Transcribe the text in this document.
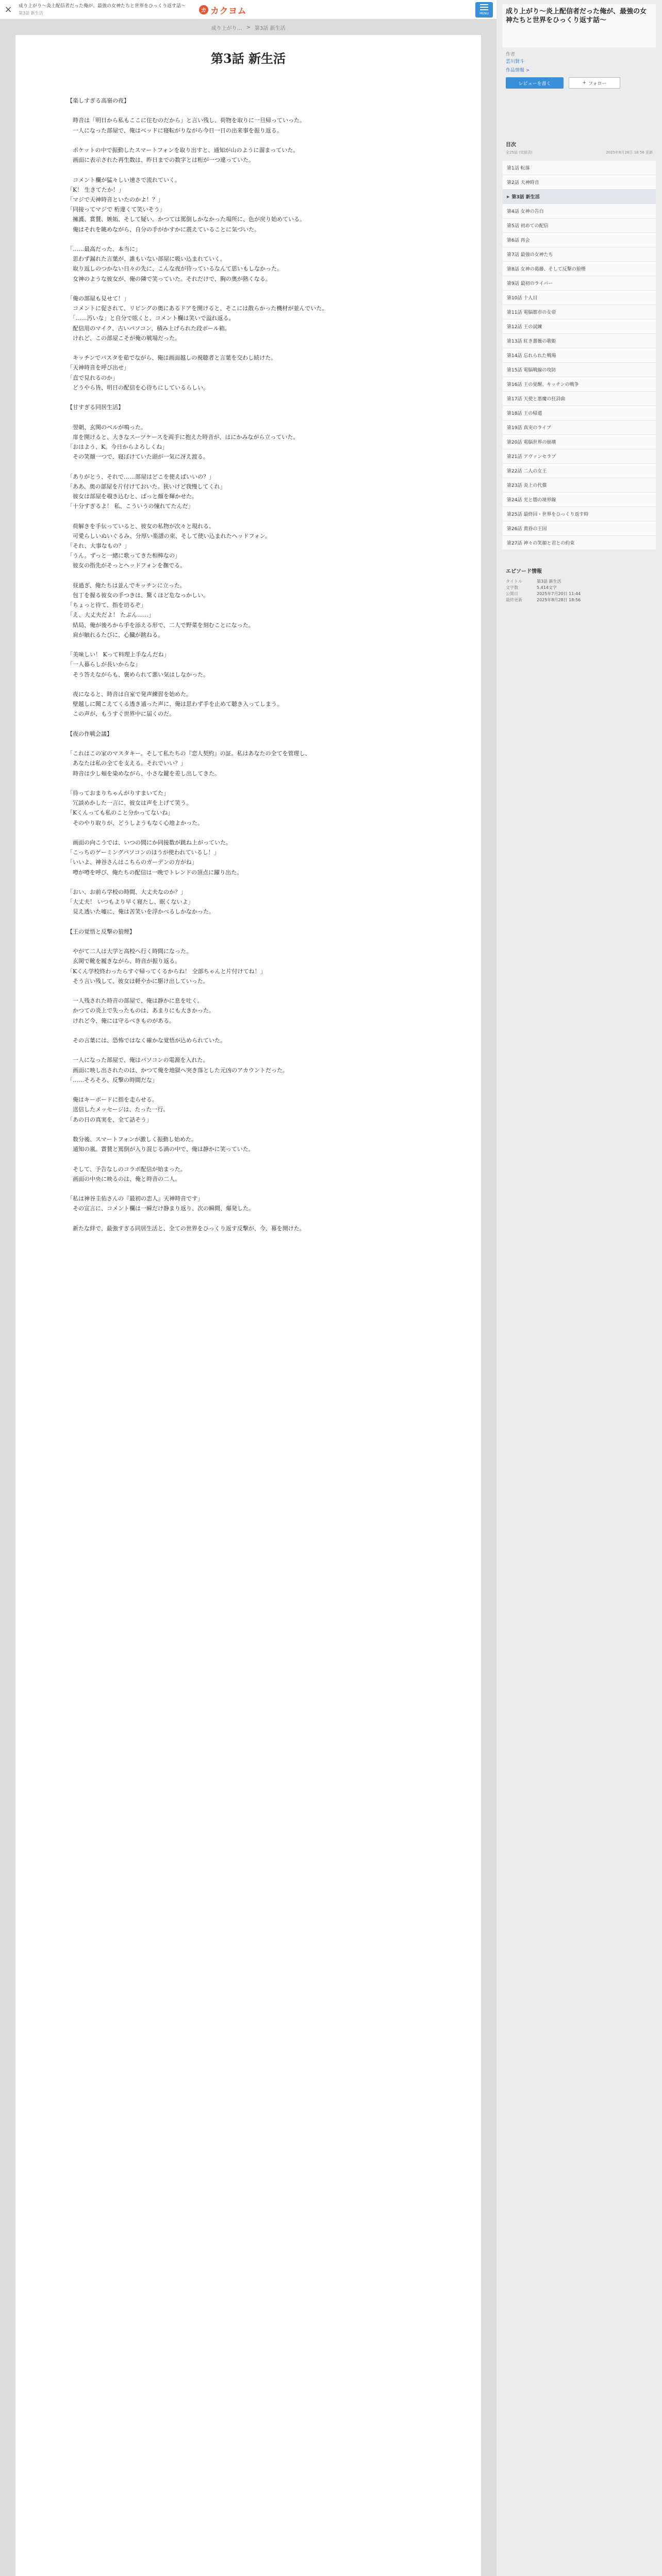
× 成り上がり〜炎上配信者だった俺が、最強の女神たちと世界をひっくり返す話〜
第3話 新生活	カ カクヨム	MENU
成り上がり… > 第3話 新生活
第3話 新生活

【楽しすぎる高嶺の夜】

　時音は「明日から私もここに住むのだから」と言い残し、荷物を取りに一旦帰っていった。

　一人になった部屋で、俺はベッドに寝転がりながら今日一日の出来事を振り返る。

　ポケットの中で振動したスマートフォンを取り出すと、通知が山のように溜まっていた。

　画面に表示された再生数は、昨日までの数字とは桁が一つ違っていた。

　コメント欄が猛々しい速さで流れていく。

「K！ 生きてたか！」

「マジで天神時音といたのかよ！？」

「同接ってマジで 桁違くて笑いそう」

　擁護、賞賛、嫉妬、そして疑い。かつては罵倒しかなかった場所に、色が戻り始めている。

　俺はそれを眺めながら、自分の手がかすかに震えていることに気づいた。

「……最高だった、本当に」

　思わず漏れた言葉が、誰もいない部屋に吸い込まれていく。

　取り返しのつかない日々の先に、こんな夜が待っているなんて思いもしなかった。

　女神のような彼女が、俺の隣で笑っていた。それだけで、胸の奥が熱くなる。

「俺の部屋も見せて！」

　コメントに促されて、リビングの奥にあるドアを開けると、そこには散らかった機材が並んでいた。

　「……汚いな」と自分で呟くと、コメント欄は笑いで溢れ返る。

　配信用のマイク、古いパソコン、積み上げられた段ボール箱。

　けれど、この部屋こそが俺の戦場だった。

　キッチンでパスタを茹でながら、俺は画面越しの視聴者と言葉を交わし続けた。

「天神時音を呼び出せ」

「直で見れるのか」

　どうやら皆、明日の配信を心待ちにしているらしい。

【甘すぎる同居生活】

　翌朝、玄関のベルが鳴った。

　扉を開けると、大きなスーツケースを両手に抱えた時音が、はにかみながら立っていた。

「おはよう、K。今日からよろしくね」

　その笑顔一つで、寝ぼけていた頭が一気に冴え渡る。

「ありがとう、それで……部屋はどこを使えばいいの？」

「ああ、奥の部屋を片付けておいた。狭いけど我慢してくれ」

　彼女は部屋を覗き込むと、ぱっと顔を輝かせた。

「十分すぎるよ！ 私、こういうの憧れてたんだ」

　荷解きを手伝っていると、彼女の私物が次々と現れる。

　可愛らしいぬいぐるみ、分厚い楽譜の束、そして使い込まれたヘッドフォン。

「それ、大事なもの？」

「うん。ずっと一緒に歌ってきた相棒なの」

　彼女の指先がそっとヘッドフォンを撫でる。

　昼過ぎ、俺たちは並んでキッチンに立った。

　包丁を握る彼女の手つきは、驚くほど危なっかしい。

「ちょっと待て、指を切るぞ」

「え、大丈夫だよ！ たぶん……」

　結局、俺が後ろから手を添える形で、二人で野菜を刻むことになった。

　肩が触れるたびに、心臓が跳ねる。

「美味しい！ Kって料理上手なんだね」

「一人暮らしが長いからな」

　そう答えながらも、褒められて悪い気はしなかった。

　夜になると、時音は自室で発声練習を始めた。

　壁越しに聞こえてくる透き通った声に、俺は思わず手を止めて聴き入ってしまう。

　この声が、もうすぐ世界中に届くのだ。

【夜の作戦会議】

「これはこの家のマスタキー。そして私たちの『恋人契約』の証。私はあなたの全てを管理し、

　あなたは私の全てを支える。それでいい？」

　時音は少し頬を染めながら、小さな鍵を差し出してきた。

「待っておまりちゃんがりすまいてた」

　冗談めかした一言に、彼女は声を上げて笑う。

「Kくんっても私のこと分かってないね」

　そのやり取りが、どうしようもなく心地よかった。

　画面の向こうでは、いつの間にか同接数が跳ね上がっていた。

「こっちのゲーミングパソコンのほうが使われているし！」

「いいよ、神谷さんはこちらのガーデンの方がね」

　噂が噂を呼び、俺たちの配信は一晩でトレンドの頂点に躍り出た。

「おい、お前ら学校の時間、大丈夫なのか？」

「大丈夫！ いつもより早く寝たし、眠くないよ」

　見え透いた嘘に、俺は苦笑いを浮かべるしかなかった。

【王の覚悟と反撃の狼煙】

　やがて二人は大学と高校へ行く時間になった。

　玄関で靴を履きながら、時音が振り返る。

「Kくん学校終わったらすぐ帰ってくるからね！ 全部ちゃんと片付けてね！」

　そう言い残して、彼女は軽やかに駆け出していった。

　一人残された時音の部屋で、俺は静かに息を吐く。

　かつての炎上で失ったものは、あまりにも大きかった。

　けれど今、俺には守るべきものがある。

　その言葉には、恐怖ではなく確かな覚悟が込められていた。

　一人になった部屋で、俺はパソコンの電源を入れた。

　画面に映し出されたのは、かつて俺を地獄へ突き落とした元凶のアカウントだった。

「……そろそろ、反撃の時間だな」

　俺はキーボードに指を走らせる。

　送信したメッセージは、たった一行。

「あの日の真実を、全て話そう」

　数分後、スマートフォンが激しく振動し始めた。

　通知の嵐。賞賛と罵倒が入り混じる渦の中で、俺は静かに笑っていた。

　そして、予告なしのコラボ配信が始まった。

　画面の中央に映るのは、俺と時音の二人。

「私は神谷圭佑さんの『最初の恋人』天神時音です」

　その宣言に、コメント欄は一瞬だけ静まり返り、次の瞬間、爆発した。

　新たな絆で、最強すぎる同居生活と、全ての世界をひっくり返す反撃が、今、幕を開けた。

成り上がり〜炎上配信者だった俺が、最強の女神たちと世界をひっくり返す話〜
作者
雲川賢斗
作品情報 >
レビューを書く	+ フォロー
目次
全25話 (完結済)	2025年8月28日 18:56 更新
第1話 転落
第2話 天神時音
▶ 第3話 新生活
第4話 女神の告白
第5話 初めての配信
第6話 再会
第7話 最強の女神たち
第8話 女神の葛藤、そして反撃の狼煙
第9話 最初のライバー
第10話 十人目
第11話 電脳都市の女帝
第12話 王の試練
第13話 紅き薔薇の歌姫
第14話 忘れられた戦場
第15話 電脳戦線の攻防
第16話 王の覚醒、キッチンの戦争
第17話 天使と悪魔の狂詩曲
第18話 王の帰還
第19話 真実のライブ
第20話 電脳世界の崩壊
第21話 アヴァンセラブ
第22話 二人の女王
第23話 炎上の代償
第24話 光と闇の境界線
第25話 最終回・世界をひっくり返す時
第26話 黄昏の王国
第27話 神々の笑顔と君との約束
エピソード情報
タイトル	第3話 新生活
文字数	5,414文字
公開日	2025年7月20日 11:44
最終更新	2025年8月28日 18:56
